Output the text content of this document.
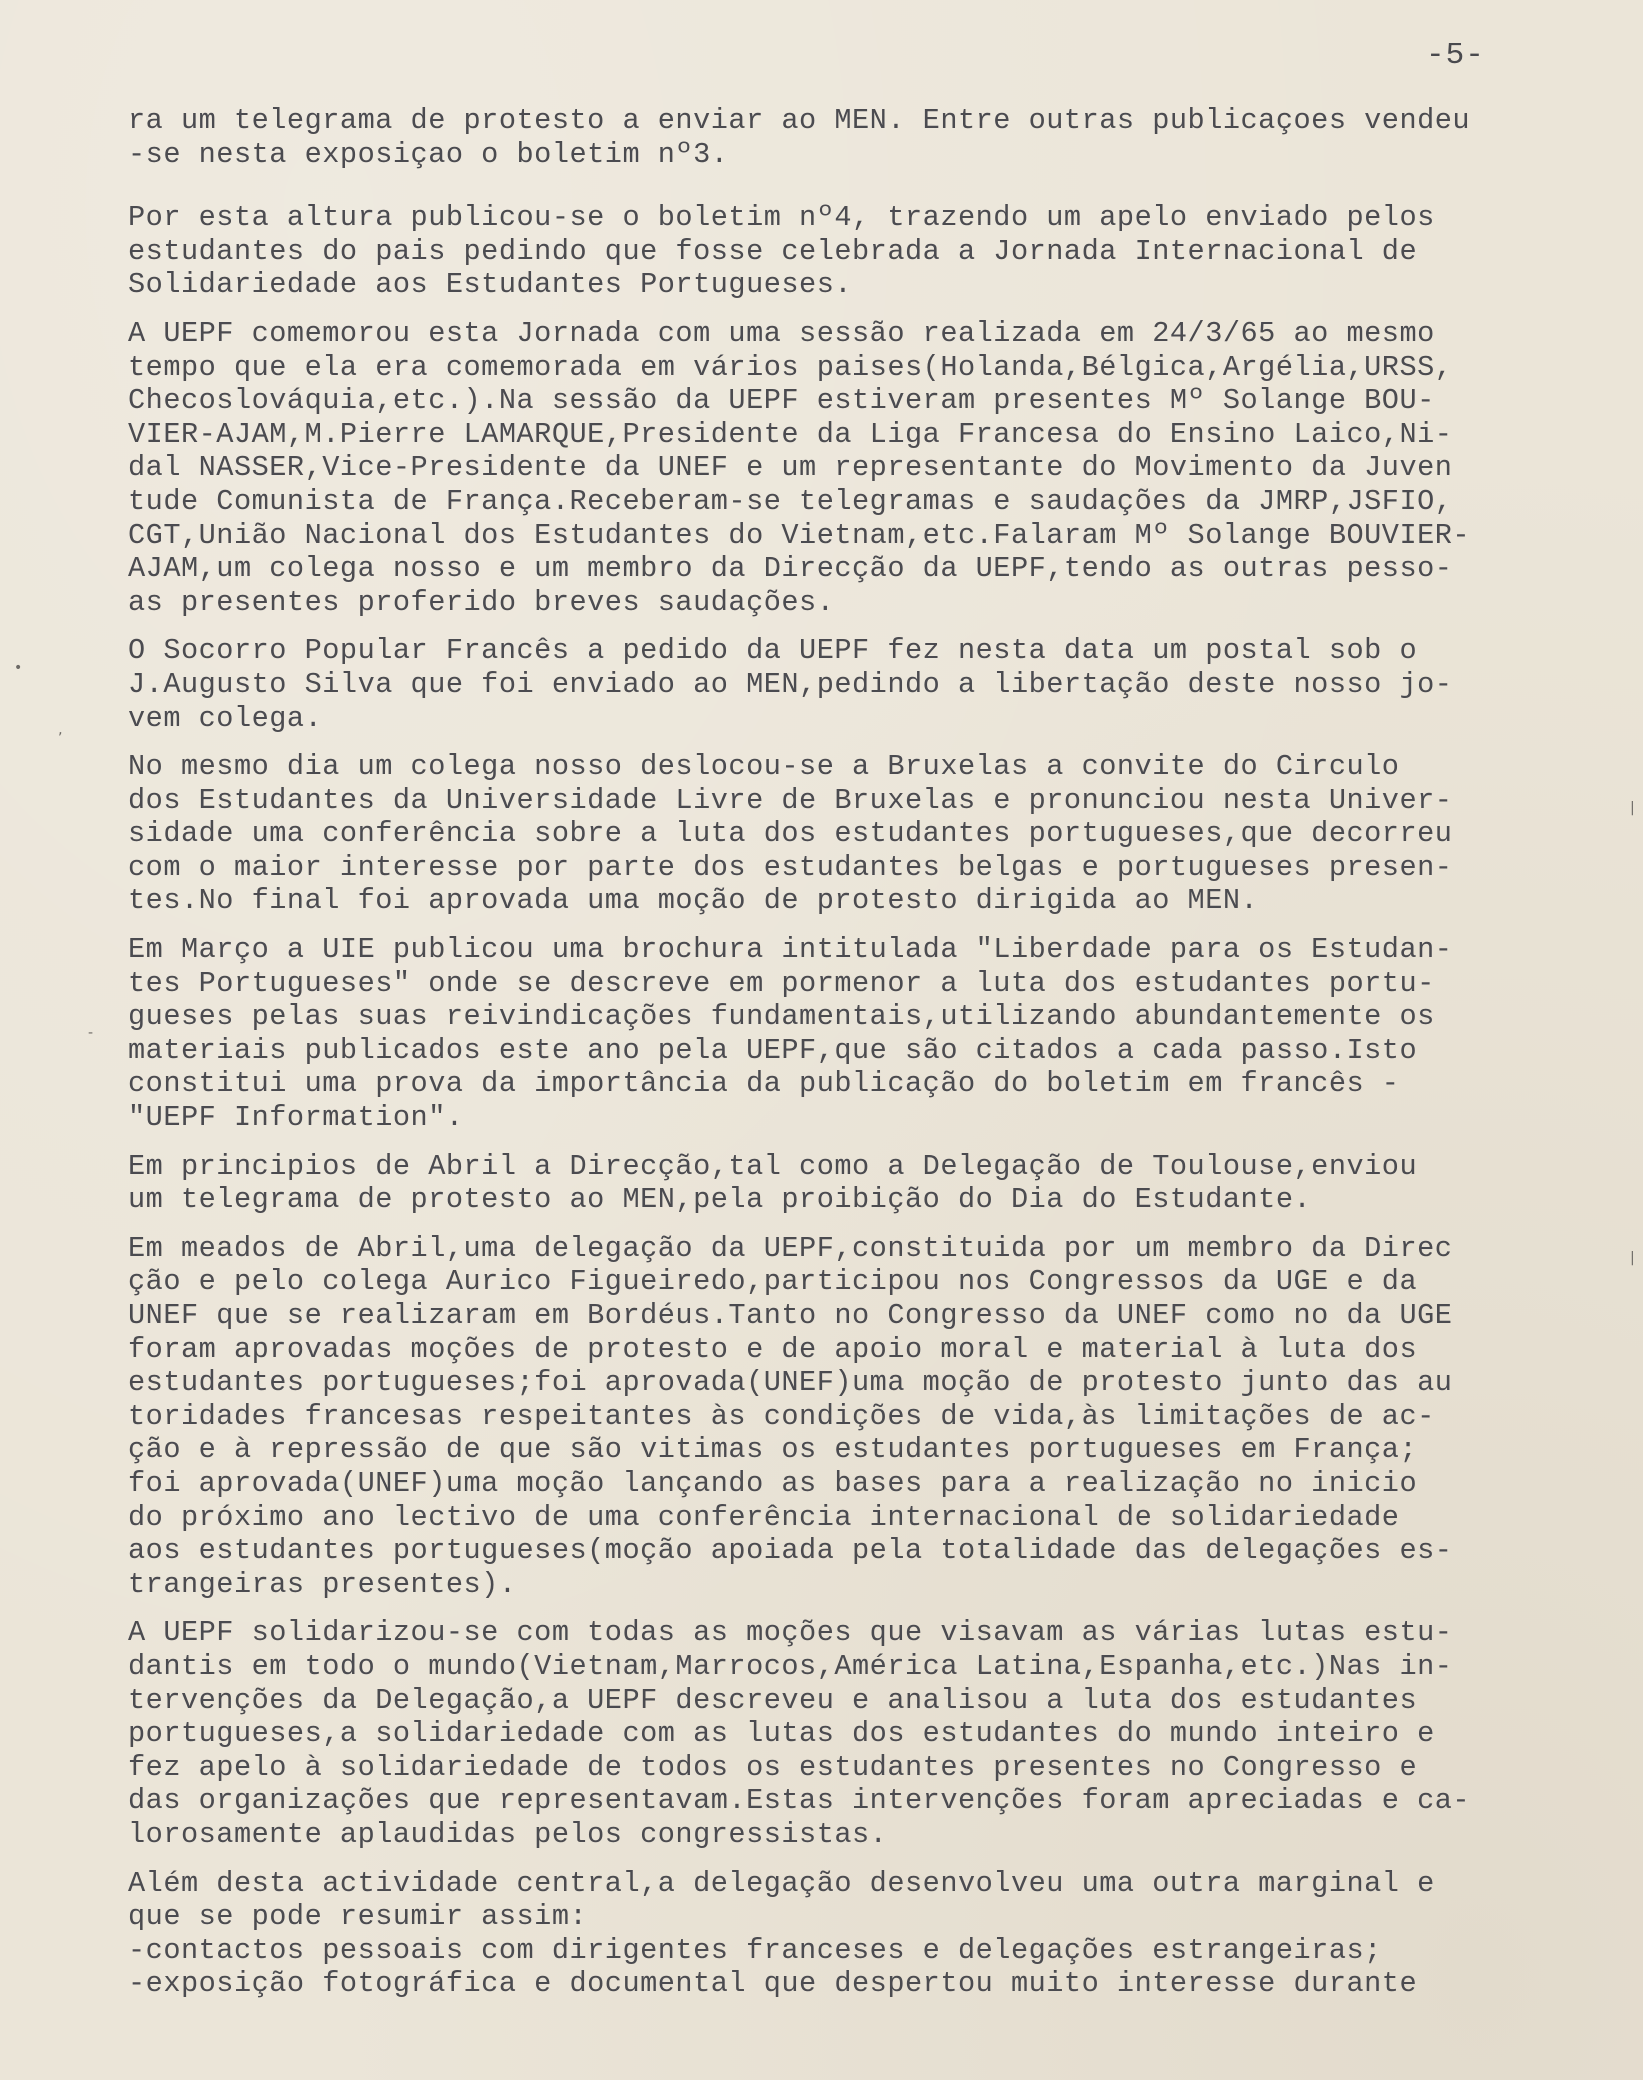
-5-
•
‚
-
|
|
ra um telegrama de protesto a enviar ao MEN. Entre outras publicaçoes vendeu
-se nesta exposiçao o boletim nº3.
Por esta altura publicou-se o boletim nº4, trazendo um apelo enviado pelos
estudantes do pais pedindo que fosse celebrada a Jornada Internacional de
Solidariedade aos Estudantes Portugueses.
A UEPF comemorou esta Jornada com uma sessão realizada em 24/3/65 ao mesmo
tempo que ela era comemorada em vários paises(Holanda,Bélgica,Argélia,URSS,
Checoslováquia,etc.).Na sessão da UEPF estiveram presentes Mº Solange BOU-
VIER-AJAM,M.Pierre LAMARQUE,Presidente da Liga Francesa do Ensino Laico,Ni-
dal NASSER,Vice-Presidente da UNEF e um representante do Movimento da Juven
tude Comunista de França.Receberam-se telegramas e saudações da JMRP,JSFIO,
CGT,União Nacional dos Estudantes do Vietnam,etc.Falaram Mº Solange BOUVIER-
AJAM,um colega nosso e um membro da Direcção da UEPF,tendo as outras pesso-
as presentes proferido breves saudações.
O Socorro Popular Francês a pedido da UEPF fez nesta data um postal sob o
J.Augusto Silva que foi enviado ao MEN,pedindo a libertação deste nosso jo-
vem colega.
No mesmo dia um colega nosso deslocou-se a Bruxelas a convite do Circulo
dos Estudantes da Universidade Livre de Bruxelas e pronunciou nesta Univer-
sidade uma conferência sobre a luta dos estudantes portugueses,que decorreu
com o maior interesse por parte dos estudantes belgas e portugueses presen-
tes.No final foi aprovada uma moção de protesto dirigida ao MEN.
Em Março a UIE publicou uma brochura intitulada "Liberdade para os Estudan-
tes Portugueses" onde se descreve em pormenor a luta dos estudantes portu-
gueses pelas suas reivindicações fundamentais,utilizando abundantemente os
materiais publicados este ano pela UEPF,que são citados a cada passo.Isto
constitui uma prova da importância da publicação do boletim em francês -
"UEPF Information".
Em principios de Abril a Direcção,tal como a Delegação de Toulouse,enviou
um telegrama de protesto ao MEN,pela proibição do Dia do Estudante.
Em meados de Abril,uma delegação da UEPF,constituida por um membro da Direc
ção e pelo colega Aurico Figueiredo,participou nos Congressos da UGE e da
UNEF que se realizaram em Bordéus.Tanto no Congresso da UNEF como no da UGE
foram aprovadas moções de protesto e de apoio moral e material à luta dos
estudantes portugueses;foi aprovada(UNEF)uma moção de protesto junto das au
toridades francesas respeitantes às condições de vida,às limitações de ac-
ção e à repressão de que são vitimas os estudantes portugueses em França;
foi aprovada(UNEF)uma moção lançando as bases para a realização no inicio
do próximo ano lectivo de uma conferência internacional de solidariedade
aos estudantes portugueses(moção apoiada pela totalidade das delegações es-
trangeiras presentes).
A UEPF solidarizou-se com todas as moções que visavam as várias lutas estu-
dantis em todo o mundo(Vietnam,Marrocos,América Latina,Espanha,etc.)Nas in-
tervenções da Delegação,a UEPF descreveu e analisou a luta dos estudantes
portugueses,a solidariedade com as lutas dos estudantes do mundo inteiro e
fez apelo à solidariedade de todos os estudantes presentes no Congresso e
das organizações que representavam.Estas intervenções foram apreciadas e ca-
lorosamente aplaudidas pelos congressistas.
Além desta actividade central,a delegação desenvolveu uma outra marginal e
que se pode resumir assim:
-contactos pessoais com dirigentes franceses e delegações estrangeiras;
-exposição fotográfica e documental que despertou muito interesse durante
